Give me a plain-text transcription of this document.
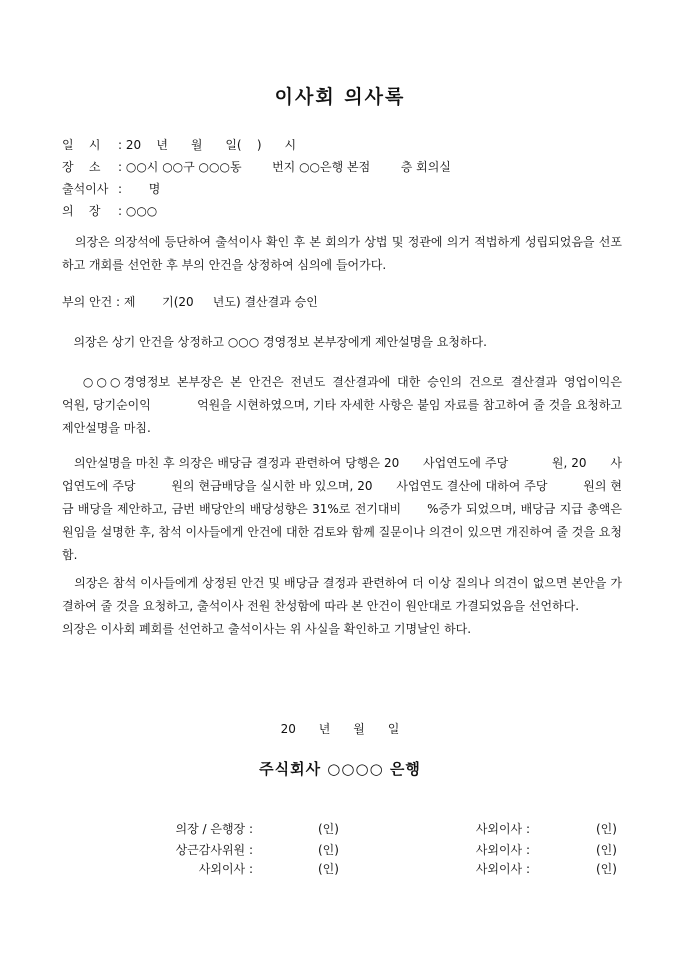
이사회 의사록
일    시 : 20    년      월      일(    )      시
장    소 : ○○시 ○○구 ○○○동        번지 ○○은행 본점        층 회의실
출석이사 :       명
의    장 : ○○○

의장은 의장석에 등단하여 출석이사 확인 후 본 회의가 상법 및 정관에 의거 적법하게 성립되었음을 선포하고 개회를 선언한 후 부의 안건을 상정하여 심의에 들어가다.

부의 안건 : 제       기(20     년도) 결산결과 승인

의장은 상기 안건을 상정하고 ○○○ 경영정보 본부장에게 제안설명을 요청하다.

○○○경영정보 본부장은 본 안건은 전년도 결산결과에 대한 승인의 건으로 결산결과 영업이익은            억원, 당기순이익            억원을 시현하였으며, 기타 자세한 사항은 붙임 자료를 참고하여 줄 것을 요청하고 제안설명을 마침.

의안설명을 마친 후 의장은 배당금 결정과 관련하여 당행은 20      사업연도에 주당           원, 20      사업연도에 주당         원의 현금배당을 실시한 바 있으며, 20      사업연도 결산에 대하여 주당         원의 현금 배당을 제안하고, 금번 배당안의 배당성향은 31%로 전기대비      %증가 되었으며, 배당금 지급 총액은             원임을 설명한 후, 참석 이사들에게 안건에 대한 검토와 함께 질문이나 의견이 있으면 개진하여 줄 것을 요청함.

의장은 참석 이사들에게 상정된 안건 및 배당금 결정과 관련하여 더 이상 질의나 의견이 없으면 본안을 가결하여 줄 것을 요청하고, 출석이사 전원 찬성함에 따라 본 안건이 원안대로 가결되었음을 선언하다.
의장은 이사회 폐회를 선언하고 출석이사는 위 사실을 확인하고 기명날인 하다.

20      년      월      일
주식회사 ○○○○ 은행
의장 / 은행장 :	(인)	사외이사 :	(인)
상근감사위원 :	(인)	사외이사 :	(인)
사외이사 :	(인)	사외이사 :	(인)
